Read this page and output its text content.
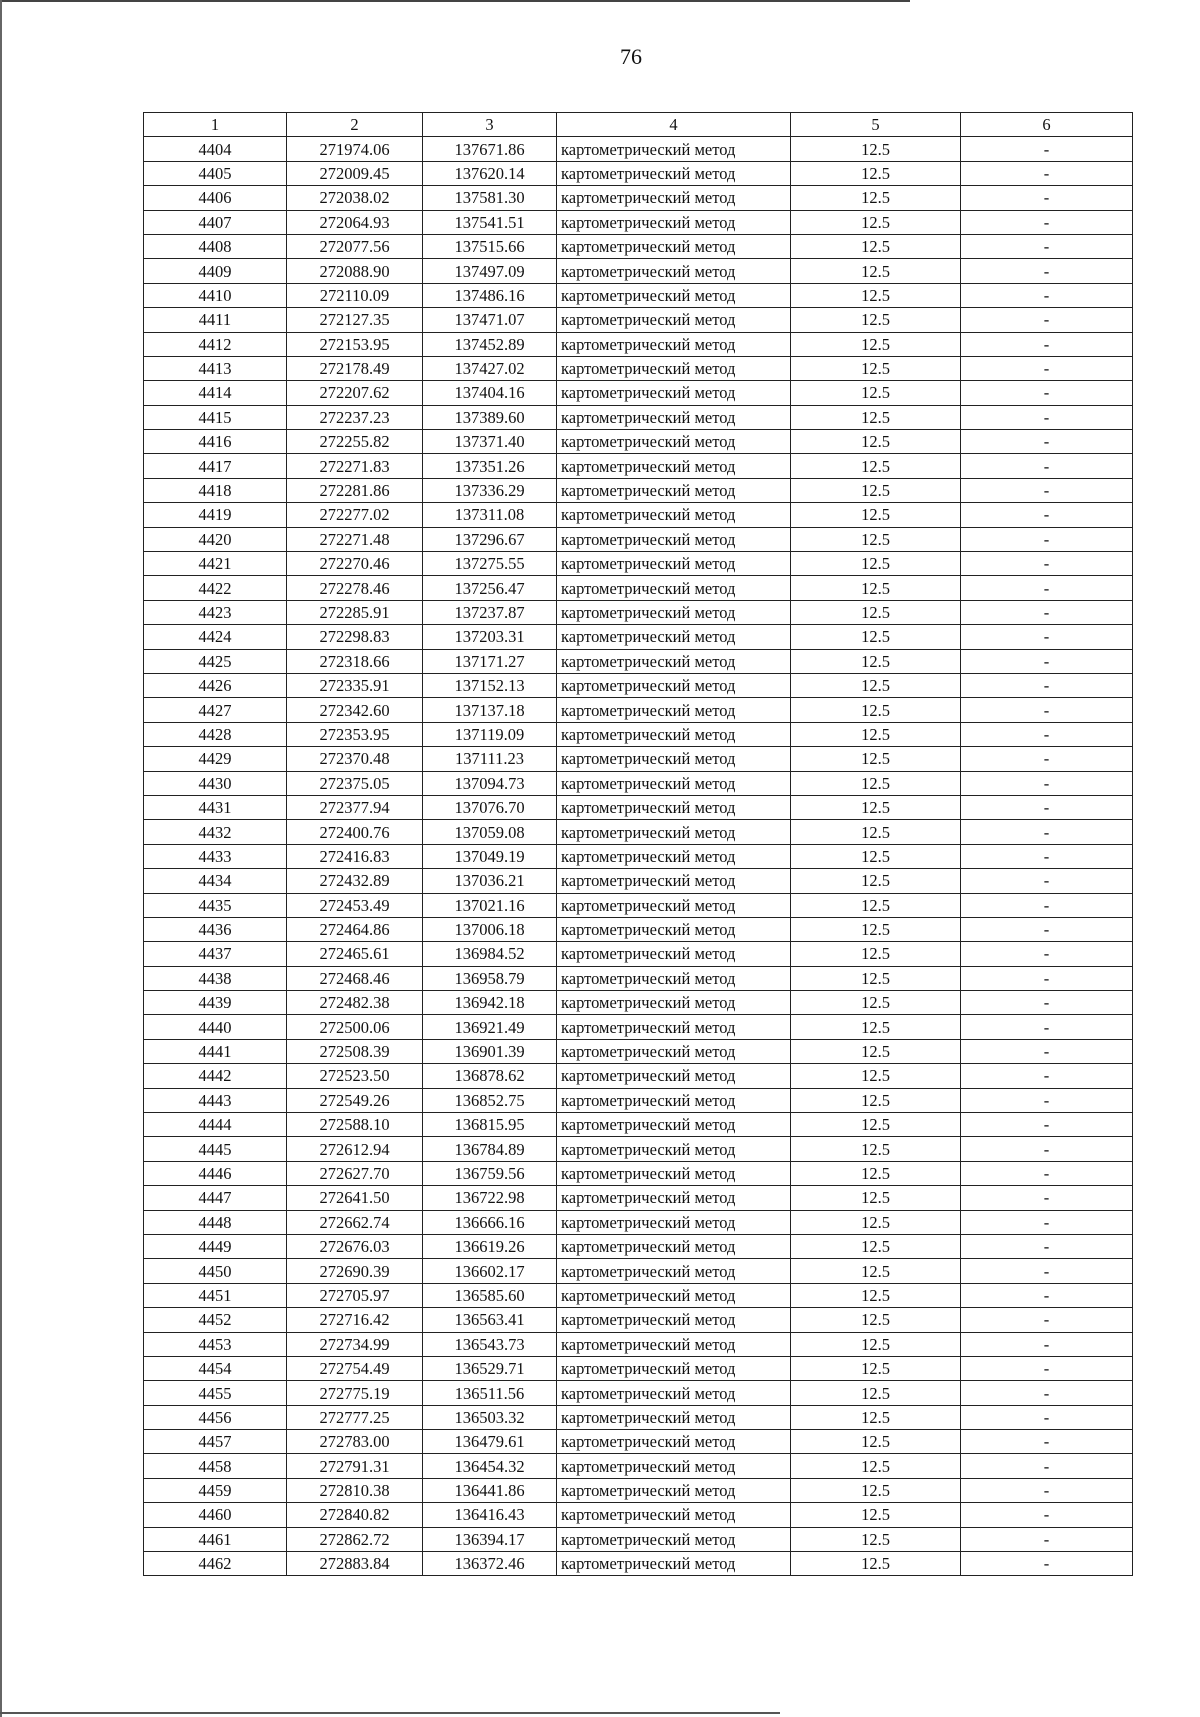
76
1	2	3	4	5	6
4404	271974.06	137671.86	картометрический метод	12.5	-
4405	272009.45	137620.14	картометрический метод	12.5	-
4406	272038.02	137581.30	картометрический метод	12.5	-
4407	272064.93	137541.51	картометрический метод	12.5	-
4408	272077.56	137515.66	картометрический метод	12.5	-
4409	272088.90	137497.09	картометрический метод	12.5	-
4410	272110.09	137486.16	картометрический метод	12.5	-
4411	272127.35	137471.07	картометрический метод	12.5	-
4412	272153.95	137452.89	картометрический метод	12.5	-
4413	272178.49	137427.02	картометрический метод	12.5	-
4414	272207.62	137404.16	картометрический метод	12.5	-
4415	272237.23	137389.60	картометрический метод	12.5	-
4416	272255.82	137371.40	картометрический метод	12.5	-
4417	272271.83	137351.26	картометрический метод	12.5	-
4418	272281.86	137336.29	картометрический метод	12.5	-
4419	272277.02	137311.08	картометрический метод	12.5	-
4420	272271.48	137296.67	картометрический метод	12.5	-
4421	272270.46	137275.55	картометрический метод	12.5	-
4422	272278.46	137256.47	картометрический метод	12.5	-
4423	272285.91	137237.87	картометрический метод	12.5	-
4424	272298.83	137203.31	картометрический метод	12.5	-
4425	272318.66	137171.27	картометрический метод	12.5	-
4426	272335.91	137152.13	картометрический метод	12.5	-
4427	272342.60	137137.18	картометрический метод	12.5	-
4428	272353.95	137119.09	картометрический метод	12.5	-
4429	272370.48	137111.23	картометрический метод	12.5	-
4430	272375.05	137094.73	картометрический метод	12.5	-
4431	272377.94	137076.70	картометрический метод	12.5	-
4432	272400.76	137059.08	картометрический метод	12.5	-
4433	272416.83	137049.19	картометрический метод	12.5	-
4434	272432.89	137036.21	картометрический метод	12.5	-
4435	272453.49	137021.16	картометрический метод	12.5	-
4436	272464.86	137006.18	картометрический метод	12.5	-
4437	272465.61	136984.52	картометрический метод	12.5	-
4438	272468.46	136958.79	картометрический метод	12.5	-
4439	272482.38	136942.18	картометрический метод	12.5	-
4440	272500.06	136921.49	картометрический метод	12.5	-
4441	272508.39	136901.39	картометрический метод	12.5	-
4442	272523.50	136878.62	картометрический метод	12.5	-
4443	272549.26	136852.75	картометрический метод	12.5	-
4444	272588.10	136815.95	картометрический метод	12.5	-
4445	272612.94	136784.89	картометрический метод	12.5	-
4446	272627.70	136759.56	картометрический метод	12.5	-
4447	272641.50	136722.98	картометрический метод	12.5	-
4448	272662.74	136666.16	картометрический метод	12.5	-
4449	272676.03	136619.26	картометрический метод	12.5	-
4450	272690.39	136602.17	картометрический метод	12.5	-
4451	272705.97	136585.60	картометрический метод	12.5	-
4452	272716.42	136563.41	картометрический метод	12.5	-
4453	272734.99	136543.73	картометрический метод	12.5	-
4454	272754.49	136529.71	картометрический метод	12.5	-
4455	272775.19	136511.56	картометрический метод	12.5	-
4456	272777.25	136503.32	картометрический метод	12.5	-
4457	272783.00	136479.61	картометрический метод	12.5	-
4458	272791.31	136454.32	картометрический метод	12.5	-
4459	272810.38	136441.86	картометрический метод	12.5	-
4460	272840.82	136416.43	картометрический метод	12.5	-
4461	272862.72	136394.17	картометрический метод	12.5	-
4462	272883.84	136372.46	картометрический метод	12.5	-
